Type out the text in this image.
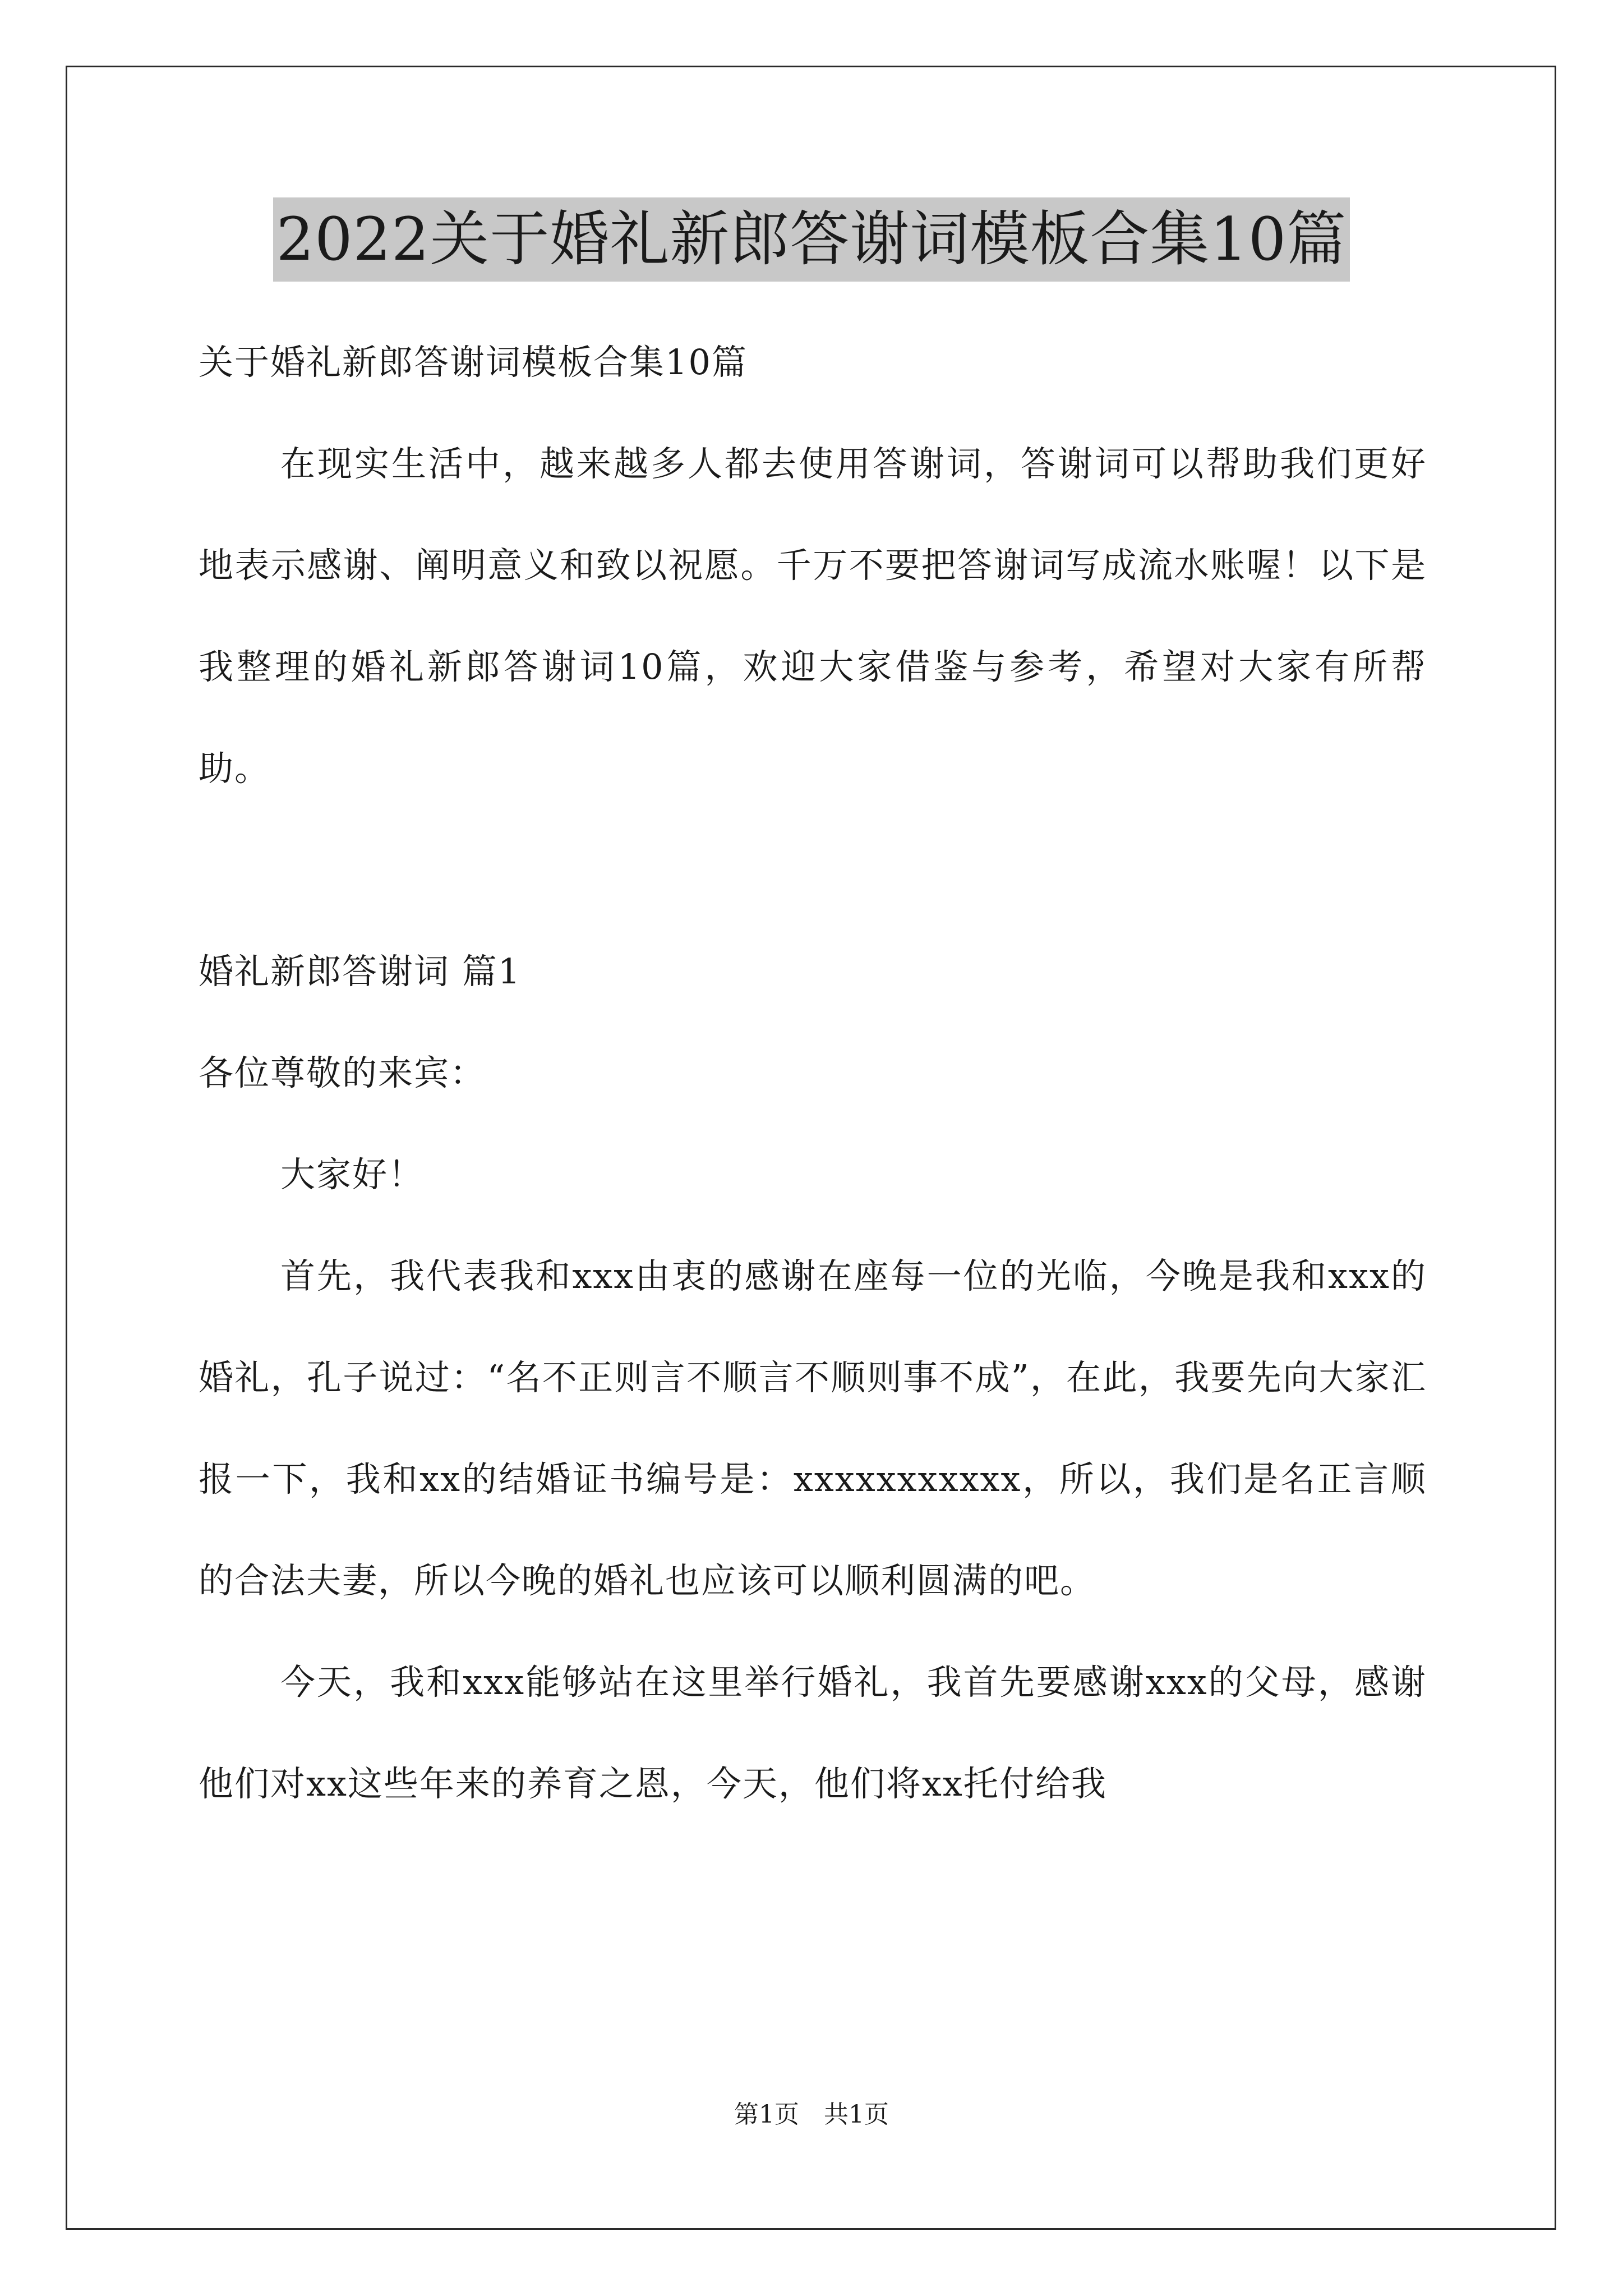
2022关于婚礼新郎答谢词模板合集10篇

关于婚礼新郎答谢词模板合集10篇

在现实生活中，越来越多人都去使用答谢词，答谢词可以帮助我们更好地表示感谢、阐明意义和致以祝愿。千万不要把答谢词写成流水账喔！以下是我整理的婚礼新郎答谢词10篇，欢迎大家借鉴与参考，希望对大家有所帮助。

婚礼新郎答谢词 篇1

各位尊敬的来宾：

大家好！

首先，我代表我和xxx由衷的感谢在座每一位的光临，今晚是我和xxx的婚礼，孔子说过：“名不正则言不顺言不顺则事不成”，在此，我要先向大家汇报一下，我和xx的结婚证书编号是：xxxxxxxxxxx，所以，我们是名正言顺的合法夫妻，所以今晚的婚礼也应该可以顺利圆满的吧。

今天，我和xxx能够站在这里举行婚礼，我首先要感谢xxx的父母，感谢他们对xx这些年来的养育之恩，今天，他们将xx托付给我

第1页 共1页
